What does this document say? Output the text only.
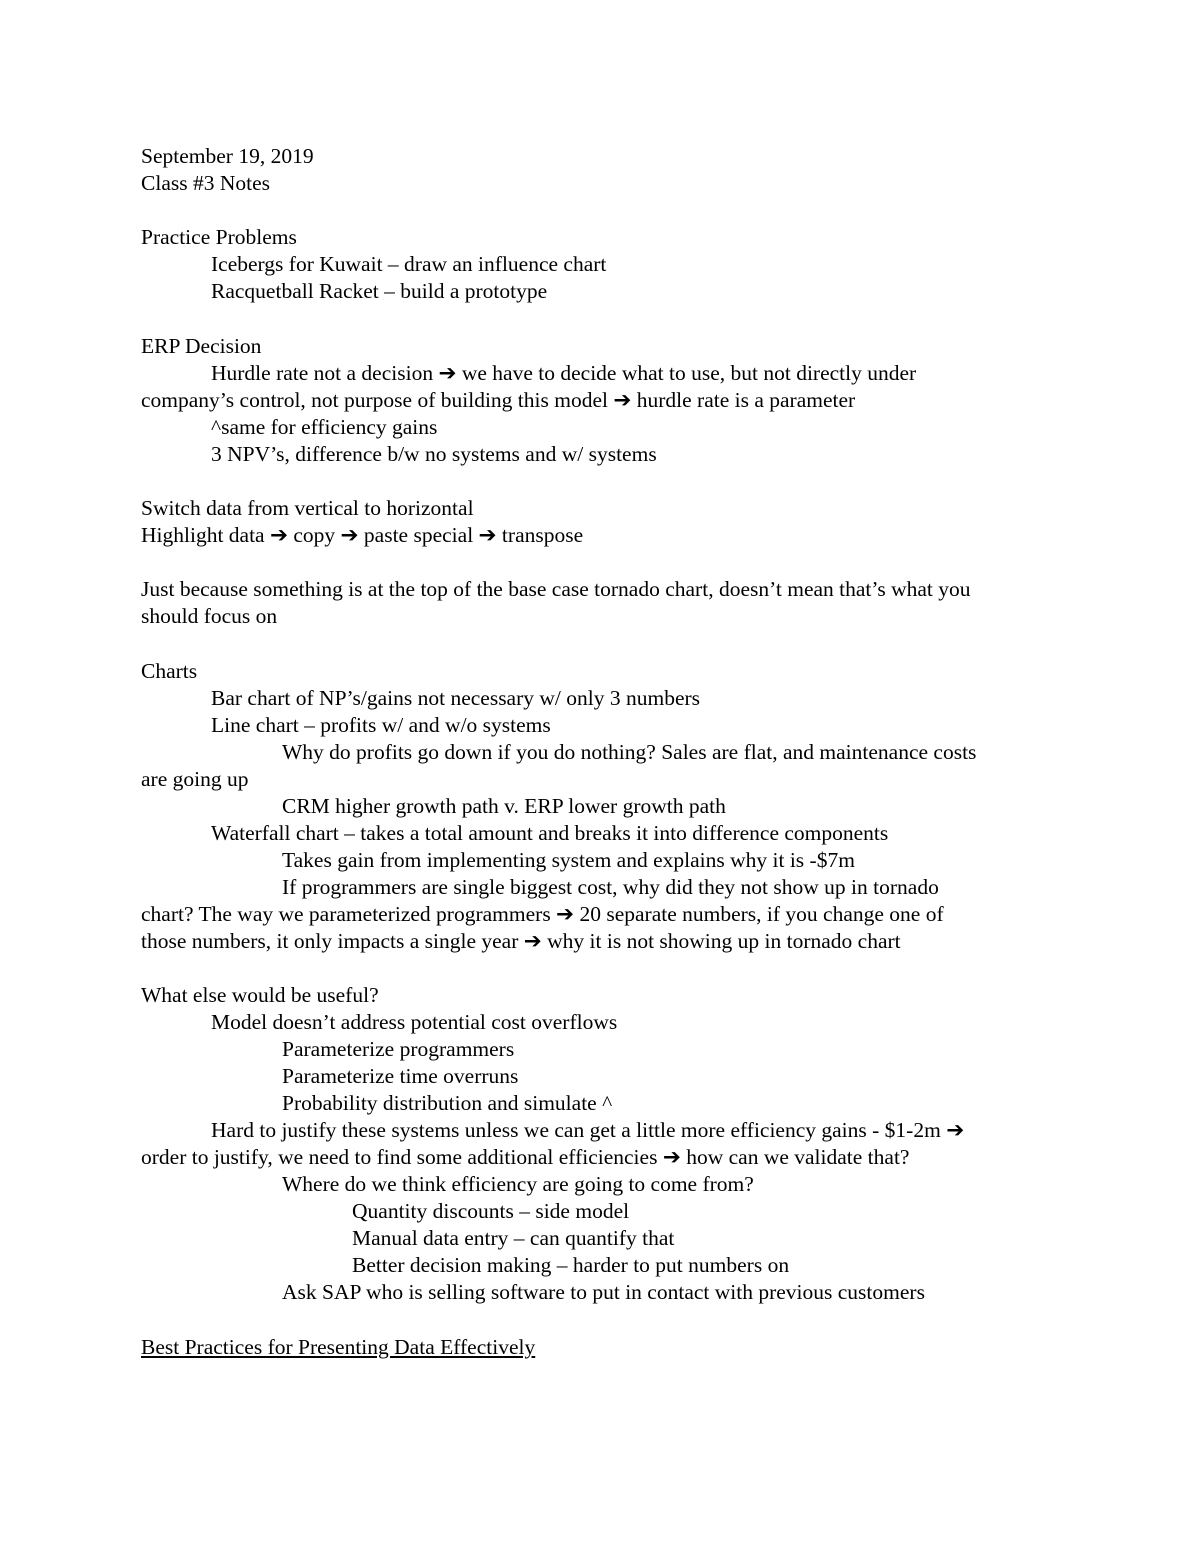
September 19, 2019
Class #3 Notes
Practice Problems
Icebergs for Kuwait – draw an influence chart
Racquetball Racket – build a prototype
ERP Decision
Hurdle rate not a decision ➔ we have to decide what to use, but not directly under
company’s control, not purpose of building this model ➔ hurdle rate is a parameter
^same for efficiency gains
3 NPV’s, difference b/w no systems and w/ systems
Switch data from vertical to horizontal
Highlight data ➔ copy ➔ paste special ➔ transpose
Just because something is at the top of the base case tornado chart, doesn’t mean that’s what you
should focus on
Charts
Bar chart of NP’s/gains not necessary w/ only 3 numbers
Line chart – profits w/ and w/o systems
Why do profits go down if you do nothing? Sales are flat, and maintenance costs
are going up
CRM higher growth path v. ERP lower growth path
Waterfall chart – takes a total amount and breaks it into difference components
Takes gain from implementing system and explains why it is -$7m
If programmers are single biggest cost, why did they not show up in tornado
chart? The way we parameterized programmers ➔ 20 separate numbers, if you change one of
those numbers, it only impacts a single year ➔ why it is not showing up in tornado chart
What else would be useful?
Model doesn’t address potential cost overflows
Parameterize programmers
Parameterize time overruns
Probability distribution and simulate ^
Hard to justify these systems unless we can get a little more efficiency gains - $1-2m ➔
order to justify, we need to find some additional efficiencies ➔ how can we validate that?
Where do we think efficiency are going to come from?
Quantity discounts – side model
Manual data entry – can quantify that
Better decision making – harder to put numbers on
Ask SAP who is selling software to put in contact with previous customers
Best Practices for Presenting Data Effectively
